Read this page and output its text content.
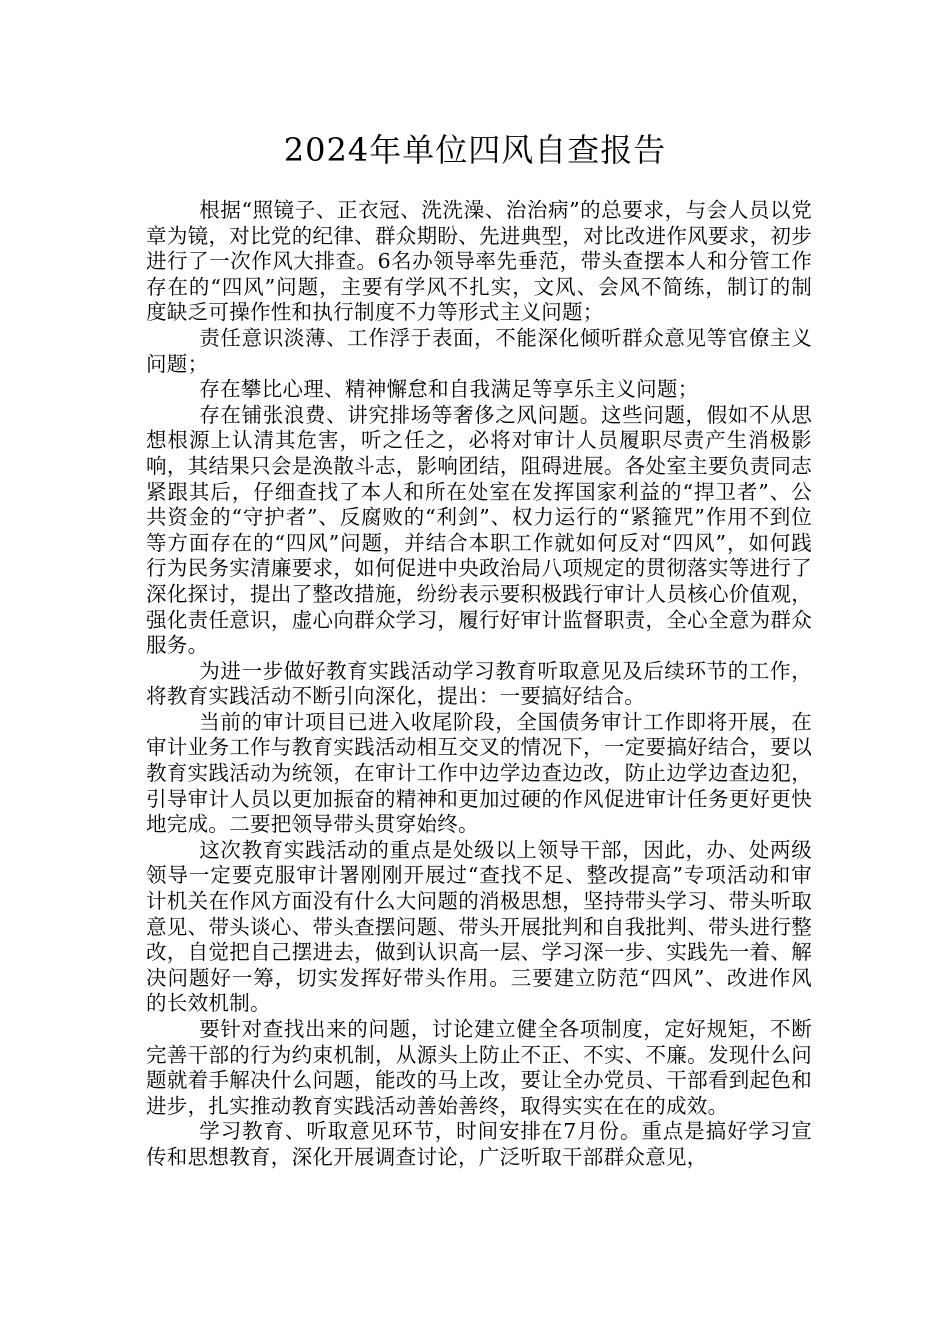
2024年单位四风自查报告

根据“照镜子、正衣冠、洗洗澡、治治病”的总要求，与会人员以党章为镜，对比党的纪律、群众期盼、先进典型，对比改进作风要求，初步进行了一次作风大排查。6名办领导率先垂范，带头查摆本人和分管工作存在的“四风”问题，主要有学风不扎实，文风、会风不简练，制订的制度缺乏可操作性和执行制度不力等形式主义问题；

责任意识淡薄、工作浮于表面，不能深化倾听群众意见等官僚主义问题；

存在攀比心理、精神懈怠和自我满足等享乐主义问题；

存在铺张浪费、讲究排场等奢侈之风问题。这些问题，假如不从思想根源上认清其危害，听之任之，必将对审计人员履职尽责产生消极影响，其结果只会是涣散斗志，影响团结，阻碍进展。各处室主要负责同志紧跟其后，仔细查找了本人和所在处室在发挥国家利益的“捍卫者”、公共资金的“守护者”、反腐败的“利剑”、权力运行的“紧箍咒”作用不到位等方面存在的“四风”问题，并结合本职工作就如何反对“四风”，如何践行为民务实清廉要求，如何促进中央政治局八项规定的贯彻落实等进行了深化探讨，提出了整改措施，纷纷表示要积极践行审计人员核心价值观，强化责任意识，虚心向群众学习，履行好审计监督职责，全心全意为群众服务。

为进一步做好教育实践活动学习教育听取意见及后续环节的工作，将教育实践活动不断引向深化，提出：一要搞好结合。

当前的审计项目已进入收尾阶段，全国债务审计工作即将开展，在审计业务工作与教育实践活动相互交叉的情况下，一定要搞好结合，要以教育实践活动为统领，在审计工作中边学边查边改，防止边学边查边犯，引导审计人员以更加振奋的精神和更加过硬的作风促进审计任务更好更快地完成。二要把领导带头贯穿始终。

这次教育实践活动的重点是处级以上领导干部，因此，办、处两级领导一定要克服审计署刚刚开展过“查找不足、整改提高”专项活动和审计机关在作风方面没有什么大问题的消极思想，坚持带头学习、带头听取意见、带头谈心、带头查摆问题、带头开展批判和自我批判、带头进行整改，自觉把自己摆进去，做到认识高一层、学习深一步、实践先一着、解决问题好一筹，切实发挥好带头作用。三要建立防范“四风”、改进作风的长效机制。

要针对查找出来的问题，讨论建立健全各项制度，定好规矩，不断完善干部的行为约束机制，从源头上防止不正、不实、不廉。发现什么问题就着手解决什么问题，能改的马上改，要让全办党员、干部看到起色和进步，扎实推动教育实践活动善始善终，取得实实在在的成效。

学习教育、听取意见环节，时间安排在7月份。重点是搞好学习宣传和思想教育，深化开展调查讨论，广泛听取干部群众意见，
